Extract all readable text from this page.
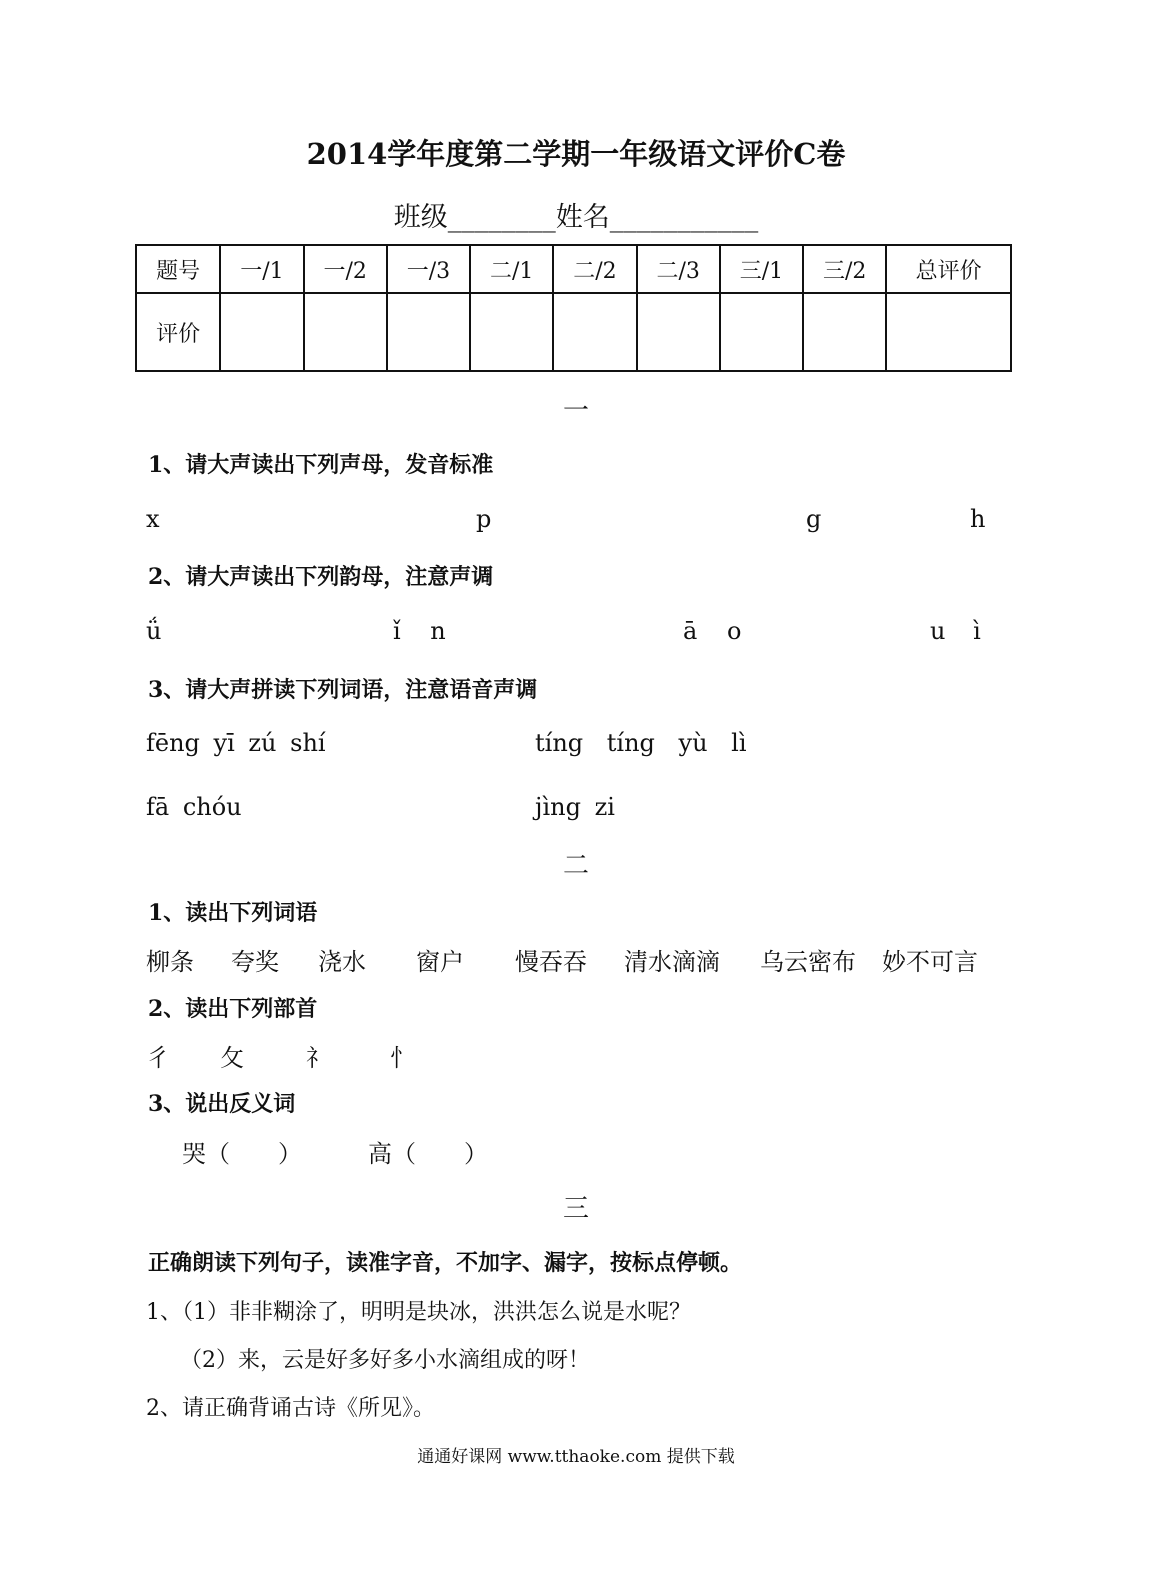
2014学年度第二学期一年级语文评价C卷
班级________姓名___________
题号	一/1	一/2	一/3	二/1	二/2	二/3	三/1	三/2	总评价
评价									
一
1、请大声读出下列声母，发音标准
x	p	g	h
2、请大声读出下列韵母，注意声调
ǘ	ǐ n	ā o	u ì
3、请大声拼读下列词语，注意语音声调
fēng yī zú shí	tíng tíng yù lì
fā chóu	jìng zi
二
1、读出下列词语
柳条 夸奖 浇水 窗户 慢吞吞 清水滴滴 乌云密布 妙不可言
2、读出下列部首
彳 攵	礻	忄
3、说出反义词
哭（　　）	高（　　）
三
正确朗读下列句子，读准字音，不加字、漏字，按标点停顿。
1、（1）非非糊涂了，明明是块冰，洪洪怎么说是水呢？
（2）来，云是好多好多小水滴组成的呀！
2、请正确背诵古诗《所见》。
通通好课网 www.tthaoke.com 提供下载
